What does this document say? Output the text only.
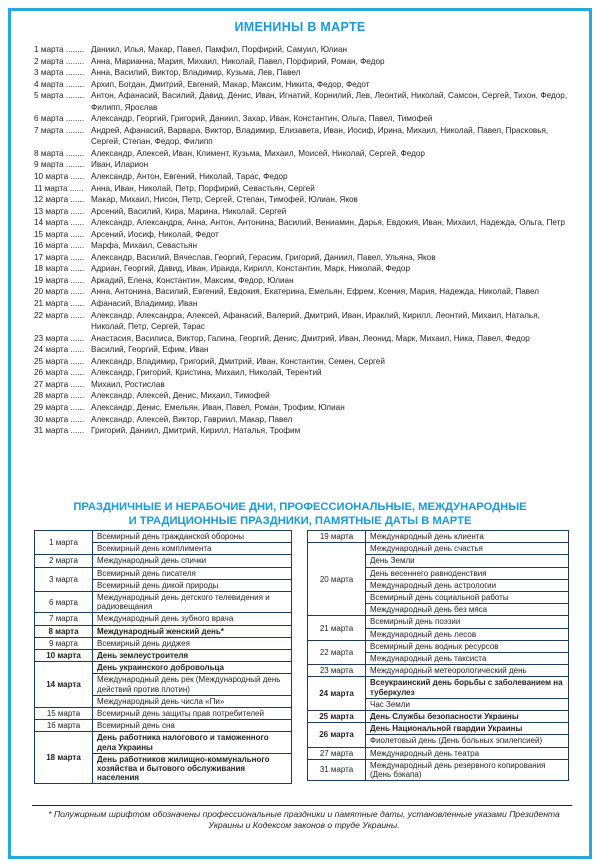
ИМЕНИНЫ В МАРТЕ
1 марта ........ Даниил, Илья, Макар, Павел, Памфил, Порфирий, Самуил, Юлиан
2 марта ........ Анна, Марианна, Мария, Михаил, Николай, Павел, Порфирий, Роман, Федор
3 марта ........ Анна, Василий, Виктор, Владимир, Кузьма, Лев, Павел
4 марта ........ Архип, Богдан, Дмитрий, Евгений, Макар, Максим, Никита, Федор, Федот
5 марта ........ Антон, Афанасий, Василий, Давид, Денис, Иван, Игнатий, Корнилий, Лев, Леонтий, Николай, Самсон, Сергей, Тихон, Федор, Филипп, Ярослав
6 марта ........ Александр, Георгий, Григорий, Даниил, Захар, Иван, Константин, Ольга, Павел, Тимофей
7 марта ........ Андрей, Афанасий, Варвара, Виктор, Владимир, Елизавета, Иван, Иосиф, Ирина, Михаил, Николай, Павел, Прасковья, Сергей, Степан, Федор, Филипп
8 марта ........ Александр, Алексей, Иван, Климент, Кузьма, Михаил, Моисей, Николай, Сергей, Федор
9 марта ........ Иван, Иларион
10 марта ...... Александр, Антон, Евгений, Николай, Тарас, Федор
11 марта ...... Анна, Иван, Николай, Петр, Порфирий, Севастьян, Сергей
12 марта ...... Макар, Михаил, Нисон, Петр, Сергей, Степан, Тимофей, Юлиан, Яков
13 марта ...... Арсений, Василий, Кира, Марина, Николай, Сергей
14 марта ...... Александр, Александра, Анна, Антон, Антонина, Василий, Вениамин, Дарья, Евдокия, Иван, Михаил, Надежда, Ольга, Петр
15 марта ...... Арсений, Иосиф, Николай, Федот
16 марта ...... Марфа, Михаил, Севастьян
17 марта ...... Александр, Василий, Вячеслав, Георгий, Герасим, Григорий, Даниил, Павел, Ульяна, Яков
18 марта ...... Адриан, Георгий, Давид, Иван, Ираида, Кирилл, Константин, Марк, Николай, Федор
19 марта ...... Аркадий, Елена, Константин, Максим, Федор, Юлиан
20 марта ...... Анна, Антонина, Василий, Евгений, Евдокия, Екатерина, Емельян, Ефрем, Ксения, Мария, Надежда, Николай, Павел
21 марта ...... Афанасий, Владимир, Иван
22 марта ...... Александр, Александра, Алексей, Афанасий, Валерий, Дмитрий, Иван, Ираклий, Кирилл, Леонтий, Михаил, Наталья, Николай, Петр, Сергей, Тарас
23 марта ...... Анастасия, Василиса, Виктор, Галина, Георгий, Денис, Дмитрий, Иван, Леонид, Марк, Михаил, Ника, Павел, Федор
24 марта ...... Василий, Георгий, Ефим, Иван
25 марта ...... Александр, Владимир, Григорий, Дмитрий, Иван, Константин, Семен, Сергей
26 марта ...... Александр, Григорий, Кристина, Михаил, Николай, Терентий
27 марта ...... Михаил, Ростислав
28 марта ...... Александр, Алексей, Денис, Михаил, Тимофей
29 марта ...... Александр, Денис, Емельян, Иван, Павел, Роман, Трофим, Юлиан
30 марта ...... Александр, Алексей, Виктор, Гавриил, Макар, Павел
31 марта ...... Григорий, Даниил, Дмитрий, Кирилл, Наталья, Трофим
ПРАЗДНИЧНЫЕ И НЕРАБОЧИЕ ДНИ, ПРОФЕССИОНАЛЬНЫЕ, МЕЖДУНАРОДНЫЕ
И ТРАДИЦИОННЫЕ ПРАЗДНИКИ, ПАМЯТНЫЕ ДАТЫ В МАРТЕ
1 марта	Всемирный день гражданской обороны
	Всемирный день комплимента
2 марта	Международный день спички
3 марта	Всемирный день писателя
	Всемирный день дикой природы
6 марта	Международный день детского телевидения и радиовещания
7 марта	Международный день зубного врача
8 марта	Международный женский день*
9 марта	Всемирный день диджея
10 марта	День землеустроителя
14 марта	День украинского добровольца
	Международный день рек (Международный день действий против плотин)
	Международный день числа «Пи»
15 марта	Всемирный день защиты прав потребителей
16 марта	Всемирный день сна
18 марта	День работника налогового и таможенного дела Украины
	День работников жилищно-коммунального хозяйства и бытового обслуживания населения
19 марта	Международный день клиента
20 марта	Международный день счастья
	День Земли
	День весеннего равноденствия
	Международный день астрологии
	Всемирный день социальной работы
	Международный день без мяса
21 марта	Всемирный день поэзии
	Международный день лесов
22 марта	Всемирный день водных ресурсов
	Международный день таксиста
23 марта	Международный метеорологический день
24 марта	Всеукраинский день борьбы с заболеванием на туберкулез
	Час Земли
25 марта	День Службы безопасности Украины
26 марта	День Национальной гвардии Украины
	Фиолетовый день (День больных эпилепсией)
27 марта	Международный день театра
31 марта	Международный день резервного копирования (День бэкапа)
* Полужирным шрифтом обозначены профессиональные праздники и памятные даты, установленные указами Президента Украины и Кодексом законов о труде Украины.
